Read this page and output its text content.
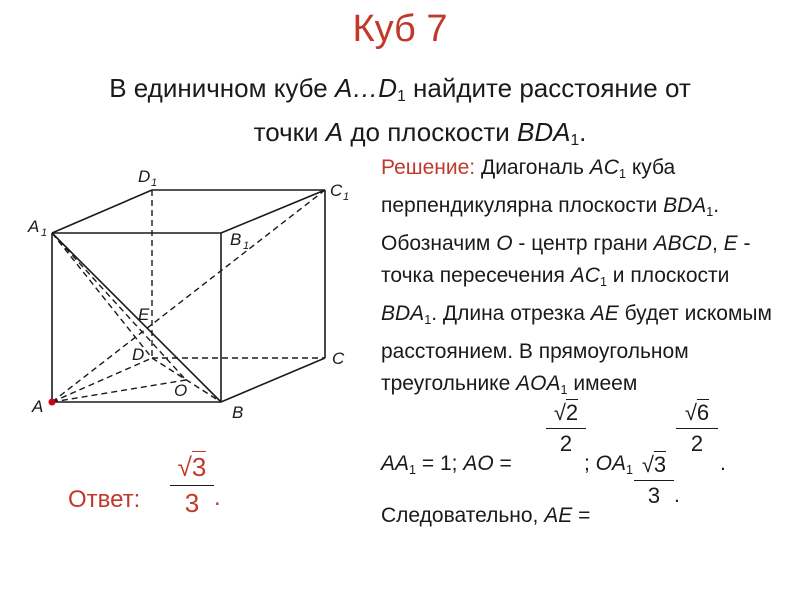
Куб 7
В единичном кубе $A\dots D_1$ найдите расстояние от
точки A до плоскости $BDA_1$.
Решение: Диагональ $AC_1$ куба перпендикулярна плоскости $BDA_1$. Обозначим O - центр грани ABCD, E - точка пересечения $AC_1$ и плоскости $BDA_1$. Длина отрезка AE будет искомым расстоянием. В прямоугольном треугольнике $AOA_1$ имеем
$AA_1 = 1$; AO =
√2
2
; $OA_1$
√6
2
.
√3
3 .
Следовательно, AE =
Ответ:
√3
3 .
A	B
C
D
A 1	B 1
C 1
D 1
E
O
